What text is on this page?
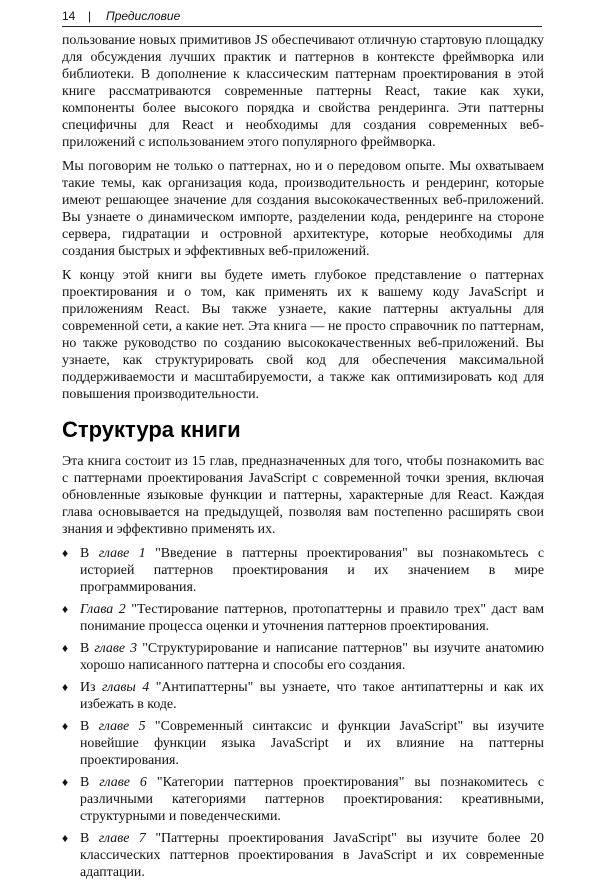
14 | Предисловие

пользование новых примитивов JS обеспечивают отличную стартовую площадку для обсуждения лучших практик и паттернов в контексте фреймворка или библиотеки. В дополнение к классическим паттернам проектирования в этой книге рассматриваются современные паттерны React, такие как хуки, компоненты более высокого порядка и свойства рендеринга. Эти паттерны специфичны для React и необходимы для создания современных веб-приложений с использованием этого популярного фреймворка.

Мы поговорим не только о паттернах, но и о передовом опыте. Мы охватываем такие темы, как организация кода, производительность и рендеринг, которые имеют решающее значение для создания высококачественных веб-приложений. Вы узнаете о динамическом импорте, разделении кода, рендеринге на стороне сервера, гидратации и островной архитектуре, которые необходимы для создания быстрых и эффективных веб-приложений.

К концу этой книги вы будете иметь глубокое представление о паттернах проектирования и о том, как применять их к вашему коду JavaScript и приложениям React. Вы также узнаете, какие паттерны актуальны для современной сети, а какие нет. Эта книга — не просто справочник по паттернам, но также руководство по созданию высококачественных веб-приложений. Вы узнаете, как структурировать свой код для обеспечения максимальной поддерживаемости и масштабируемости, а также как оптимизировать код для повышения производительности.

Структура книги

Эта книга состоит из 15 глав, предназначенных для того, чтобы познакомить вас с паттернами проектирования JavaScript с современной точки зрения, включая обновленные языковые функции и паттерны, характерные для React. Каждая глава основывается на предыдущей, позволяя вам постепенно расширять свои знания и эффективно применять их.

♦ В главе 1 "Введение в паттерны проектирования" вы познакомьтесь с историей паттернов проектирования и их значением в мире программирования.
♦ Глава 2 "Тестирование паттернов, протопаттерны и правило трех" даст вам понимание процесса оценки и уточнения паттернов проектирования.
♦ В главе 3 "Структурирование и написание паттернов" вы изучите анатомию хорошо написанного паттерна и способы его создания.
♦ Из главы 4 "Антипаттерны" вы узнаете, что такое антипаттерны и как их избежать в коде.
♦ В главе 5 "Современный синтаксис и функции JavaScript" вы изучите новейшие функции языка JavaScript и их влияние на паттерны проектирования.
♦ В главе 6 "Категории паттернов проектирования" вы познакомитесь с различными категориями паттернов проектирования: креативными, структурными и поведенческими.
♦ В главе 7 "Паттерны проектирования JavaScript" вы изучите более 20 классических паттернов проектирования в JavaScript и их современные адаптации.
